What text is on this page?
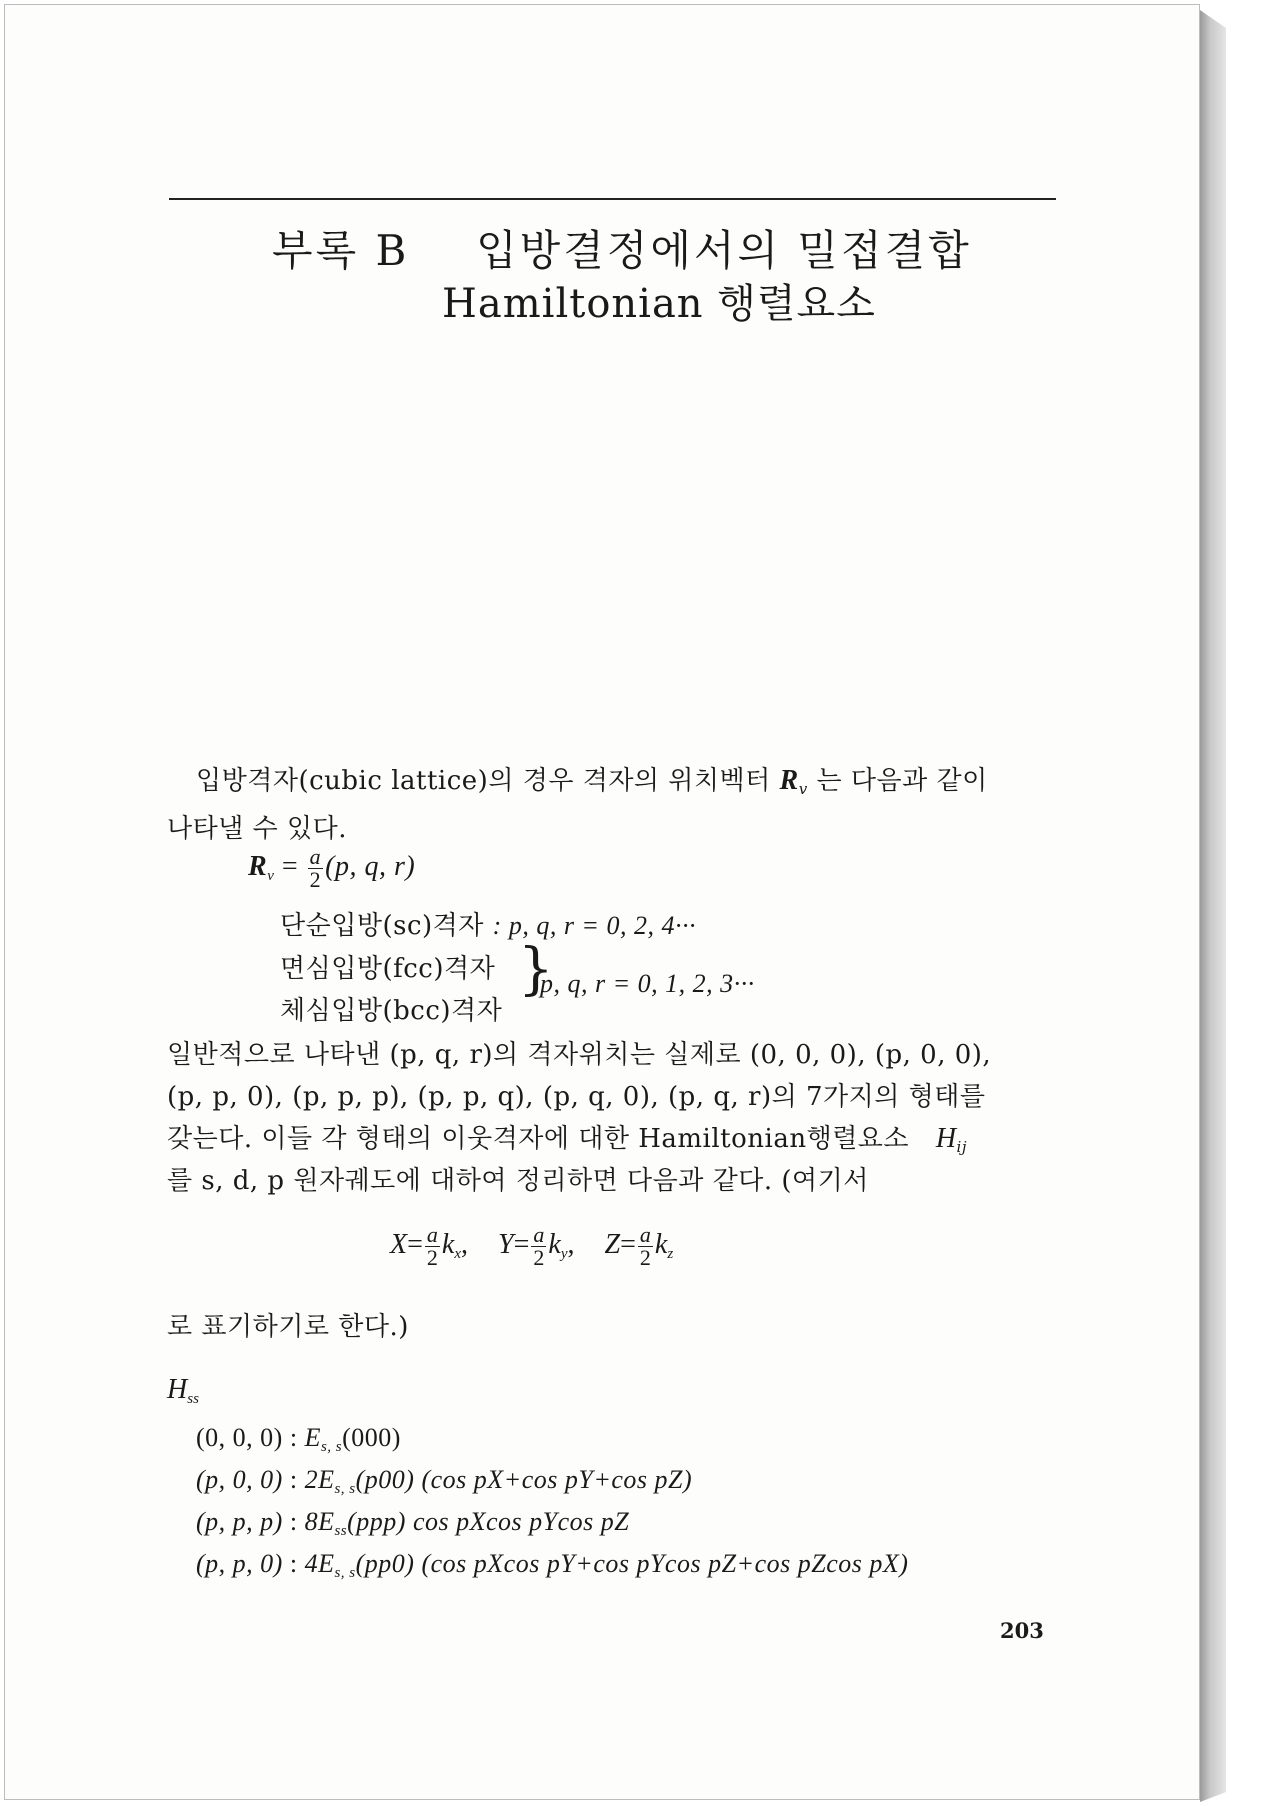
부록 B 입방결정에서의 밀접결합
Hamiltonian 행렬요소
입방격자(cubic lattice)의 경우 격자의 위치벡터 $R_v$ 는 다음과 같이
나타낼 수 있다.
$R_v = \frac{a}{2} (p$, q, r)
단순입방(sc)격자 : p, q, r = 0, 2, 4···
면심입방(fcc)격자
체심입방(bcc)격자
}
p, q, r = 0, 1, 2, 3···
일반적으로 나타낸 (p, q, r)의 격자위치는 실제로 (0, 0, 0), (p, 0, 0),
(p, p, 0), (p, p, p), (p, p, q), (p, q, 0), (p, q, r)의 7가지의 형태를
갖는다. 이들 각 형태의 이웃격자에 대한 Hamiltonian행렬요소 $H_{ij}$
를 s, d, p 원자궤도에 대하여 정리하면 다음과 같다. (여기서
$X= \frac{a}{2} k_x$, $Y= \frac{a}{2} k_y$, $Z= \frac{a}{2} k_z$
로 표기하기로 한다.)
$H_{ss}$
(0, 0, 0) : $E_{s, s}(000)$
(p, 0, 0) : $2E_{s, s}(p00)$ (cos pX+cos pY+cos pZ)
(p, p, p) : $8E_{ss}(ppp)$ cos pXcos pYcos pZ
(p, p, 0) : $4E_{s, s}(pp0)$ (cos pXcos pY+cos pYcos pZ+cos pZcos pX)
203
